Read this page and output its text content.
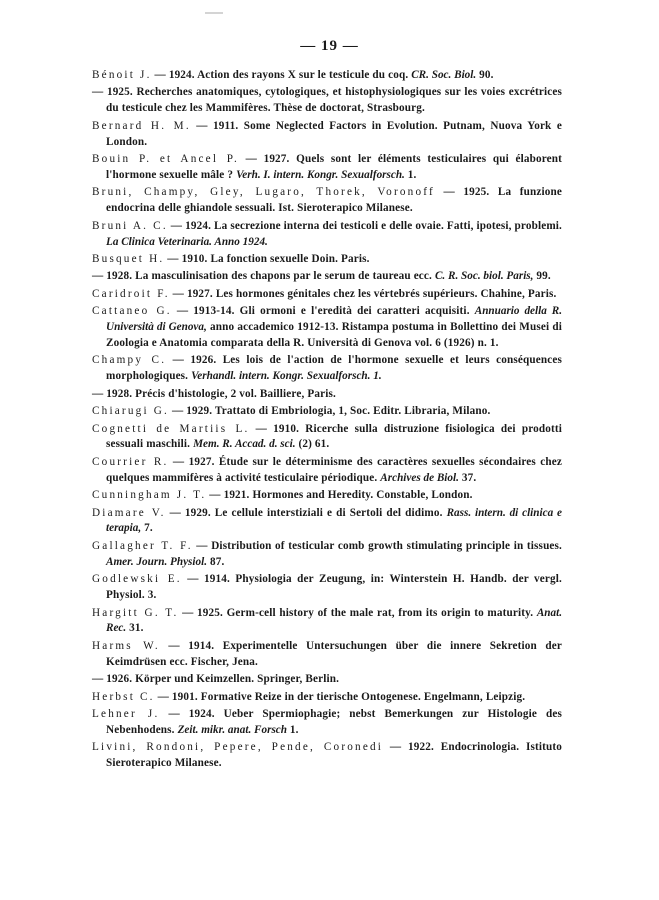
— 19 —

Bénoit J. — 1924. Action des rayons X sur le testicule du coq. CR. Soc. Biol. 90.

— 1925. Recherches anatomiques, cytologiques, et histophysiologiques sur les voies excrétrices du testicule chez les Mammifères. Thèse de doctorat, Strasbourg.

Bernard H. M. — 1911. Some Neglected Factors in Evolution. Putnam, Nuova York e London.

Bouin P. et Ancel P. — 1927. Quels sont ler éléments testiculaires qui élaborent l'hormone sexuelle mâle ? Verh. I. intern. Kongr. Sexualforsch. 1.

Bruni, Champy, Gley, Lugaro, Thorek, Voronoff — 1925. La funzione endocrina delle ghiandole sessuali. Ist. Sieroterapico Milanese.

Bruni A. C. — 1924. La secrezione interna dei testicoli e delle ovaie. Fatti, ipotesi, problemi. La Clinica Veterinaria. Anno 1924.

Busquet H. — 1910. La fonction sexuelle Doin. Paris.

— 1928. La masculinisation des chapons par le serum de taureau ecc. C. R. Soc. biol. Paris, 99.

Caridroit F. — 1927. Les hormones génitales chez les vértebrés supérieurs. Chahine, Paris.

Cattaneo G. — 1913-14. Gli ormoni e l'eredità dei caratteri acquisiti. Annuario della R. Università di Genova, anno accademico 1912-13. Ristampa postuma in Bollettino dei Musei di Zoologia e Anatomia comparata della R. Università di Genova vol. 6 (1926) n. 1.

Champy C. — 1926. Les lois de l'action de l'hormone sexuelle et leurs conséquences morphologiques. Verhandl. intern. Kongr. Sexualforsch. 1.

— 1928. Précis d'histologie, 2 vol. Bailliere, Paris.

Chiarugi G. — 1929. Trattato di Embriologia, 1, Soc. Editr. Libraria, Milano.

Cognetti de Martiis L. — 1910. Ricerche sulla distruzione fisiologica dei prodotti sessuali maschili. Mem. R. Accad. d. sci. (2) 61.

Courrier R. — 1927. Étude sur le déterminisme des caractères sexuelles sécondaires chez quelques mammifères à activité testiculaire périodique. Archives de Biol. 37.

Cunningham J. T. — 1921. Hormones and Heredity. Constable, London.

Diamare V. — 1929. Le cellule interstiziali e di Sertoli del didimo. Rass. intern. di clinica e terapia, 7.

Gallagher T. F. — Distribution of testicular comb growth stimulating principle in tissues. Amer. Journ. Physiol. 87.

Godlewski E. — 1914. Physiologia der Zeugung, in: Winterstein H. Handb. der vergl. Physiol. 3.

Hargitt G. T. — 1925. Germ-cell history of the male rat, from its origin to maturity. Anat. Rec. 31.

Harms W. — 1914. Experimentelle Untersuchungen über die innere Sekretion der Keimdrüsen ecc. Fischer, Jena.

— 1926. Körper und Keimzellen. Springer, Berlin.

Herbst C. — 1901. Formative Reize in der tierische Ontogenese. Engelmann, Leipzig.

Lehner J. — 1924. Ueber Spermiophagie; nebst Bemerkungen zur Histologie des Nebenhodens. Zeit. mikr. anat. Forsch 1.

Livini, Rondoni, Pepere, Pende, Coronedi — 1922. Endocrinologia. Istituto Sieroterapico Milanese.
